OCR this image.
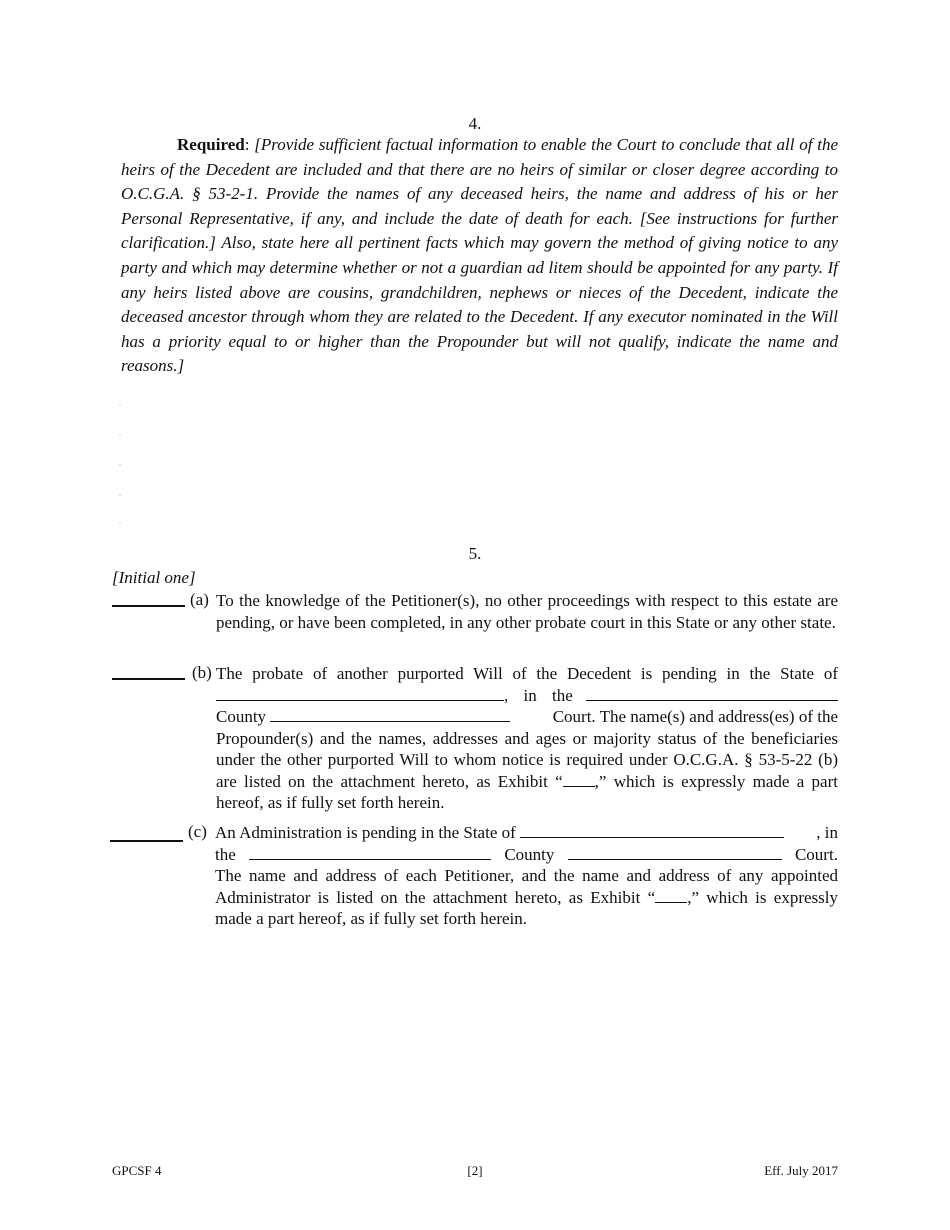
4.
Required: [Provide sufficient factual information to enable the Court to conclude that all of the heirs of the Decedent are included and that there are no heirs of similar or closer degree according to O.C.G.A. § 53-2-1. Provide the names of any deceased heirs, the name and address of his or her Personal Representative, if any, and include the date of death for each. [See instructions for further clarification.] Also, state here all pertinent facts which may govern the method of giving notice to any party and which may determine whether or not a guardian ad litem should be appointed for any party. If any heirs listed above are cousins, grandchildren, nephews or nieces of the Decedent, indicate the deceased ancestor through whom they are related to the Decedent. If any executor nominated in the Will has a priority equal to or higher than the Propounder but will not qualify, indicate the name and reasons.]
5.
[Initial one]
(a) To the knowledge of the Petitioner(s), no other proceedings with respect to this estate are pending, or have been completed, in any other probate court in this State or any other state.
(b) The probate of another purported Will of the Decedent is pending in the State of
, in the
County	Court. The name(s) and address(es) of the
Propounder(s) and the names, addresses and ages or majority status of the beneficiaries under the other purported Will to whom notice is required under O.C.G.A. § 53-5-22 (b) are listed on the attachment hereto, as Exhibit “ ,” which is expressly made a part hereof, as if fully set forth herein.
(c) An Administration is pending in the State of	, in
the	County	Court.
The name and address of each Petitioner, and the name and address of any appointed Administrator is listed on the attachment hereto, as Exhibit “ ,” which is expressly made a part hereof, as if fully set forth herein.
GPCSF 4	[2]	Eff. July 2017
